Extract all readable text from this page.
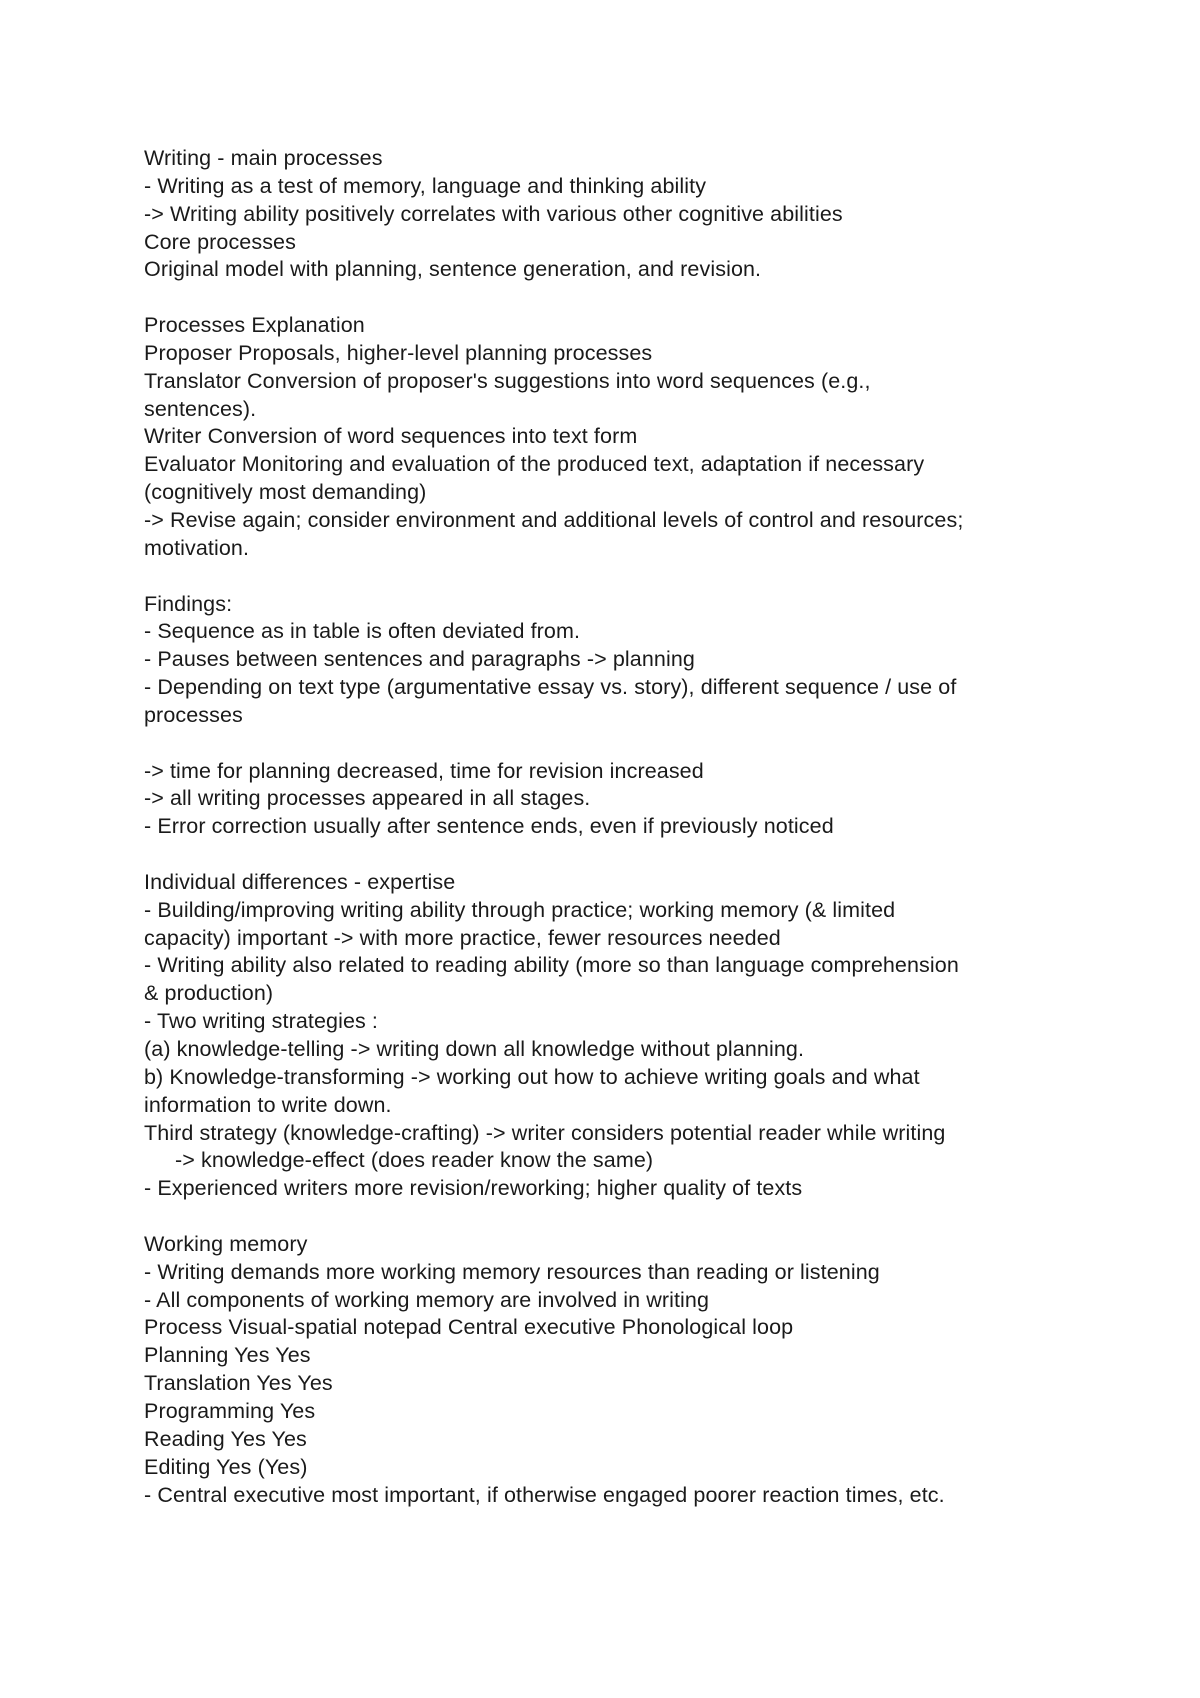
Writing - main processes
- Writing as a test of memory, language and thinking ability
-> Writing ability positively correlates with various other cognitive abilities
Core processes
Original model with planning, sentence generation, and revision.
Processes Explanation
Proposer Proposals, higher-level planning processes
Translator Conversion of proposer's suggestions into word sequences (e.g.,
sentences).
Writer Conversion of word sequences into text form
Evaluator Monitoring and evaluation of the produced text, adaptation if necessary
(cognitively most demanding)
-> Revise again; consider environment and additional levels of control and resources;
motivation.
Findings:
- Sequence as in table is often deviated from.
- Pauses between sentences and paragraphs -> planning
- Depending on text type (argumentative essay vs. story), different sequence / use of
processes
-> time for planning decreased, time for revision increased
-> all writing processes appeared in all stages.
- Error correction usually after sentence ends, even if previously noticed
Individual differences - expertise
- Building/improving writing ability through practice; working memory (& limited
capacity) important -> with more practice, fewer resources needed
- Writing ability also related to reading ability (more so than language comprehension
& production)
- Two writing strategies :
(a) knowledge-telling -> writing down all knowledge without planning.
b) Knowledge-transforming -> working out how to achieve writing goals and what
information to write down.
Third strategy (knowledge-crafting) -> writer considers potential reader while writing
-> knowledge-effect (does reader know the same)
- Experienced writers more revision/reworking; higher quality of texts
Working memory
- Writing demands more working memory resources than reading or listening
- All components of working memory are involved in writing
Process Visual-spatial notepad Central executive Phonological loop
Planning Yes Yes
Translation Yes Yes
Programming Yes
Reading Yes Yes
Editing Yes (Yes)
- Central executive most important, if otherwise engaged poorer reaction times, etc.
